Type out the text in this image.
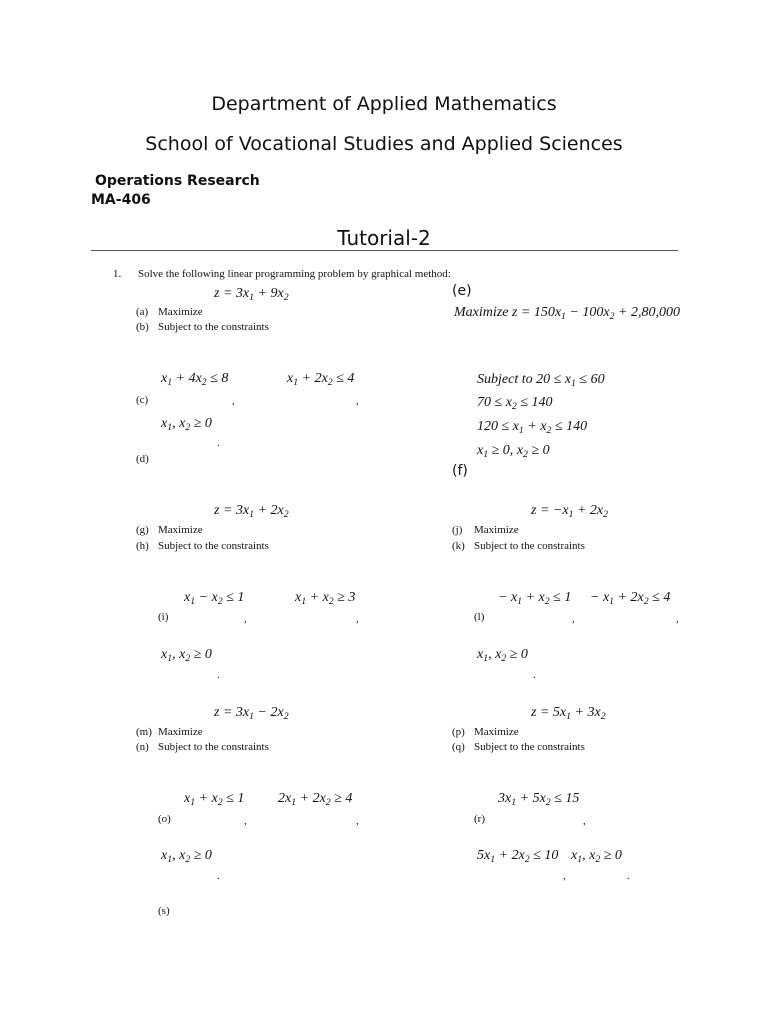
Department of Applied Mathematics
School of Vocational Studies and Applied Sciences
Operations Research
MA-406
Tutorial-2
1. Solve the following linear programming problem by graphical method:
$z = 3x_1 + 9x_2$
(a) Maximize
(b) Subject to the constraints
$x_1 + 4x_2 \le 8$	$x_1 + 2x_2 \le 4$
(c)	,	,
$x_1$, $x_2 \ge 0$
.
(d)
(e)
Maximize $z = 150x_1 - 100x_2 + 2,80,000$
Subject to $20 \le x_1 \le 60$
$70 \le x_2 \le 140$
$120 \le x_1 + x_2 \le 140$
$x_1 \ge 0$, $x_2 \ge 0$
(f)
$z = 3x_1 + 2x_2$
(g) Maximize
(h) Subject to the constraints
$x_1 - x_2 \le 1$	$x_1 + x_2 \ge 3$
(i)	,	,
$x_1$, $x_2 \ge 0$
.
$z = -x_1 + 2x_2$
(j) Maximize
(k) Subject to the constraints
− $x_1 + x_2 \le 1 - x_1 + 2x_2 \le 4$
(l)	,	,
$x_1$, $x_2 \ge 0$
.
$z = 3x_1 - 2x_2$
(m) Maximize
(n) Subject to the constraints
$x_1 + x_2 \le 1$ $2x_1 + 2x_2 \ge 4$
(o)	,	,
$x_1$, $x_2 \ge 0$
.
(s)
$z = 5x_1 + 3x_2$
(p) Maximize
(q) Subject to the constraints
$3x_1 + 5x_2 \le 15$
(r)	,
$5x_1 + 2x_2 \le 10$
,
$x_1$, $x_2 \ge 0$
.
